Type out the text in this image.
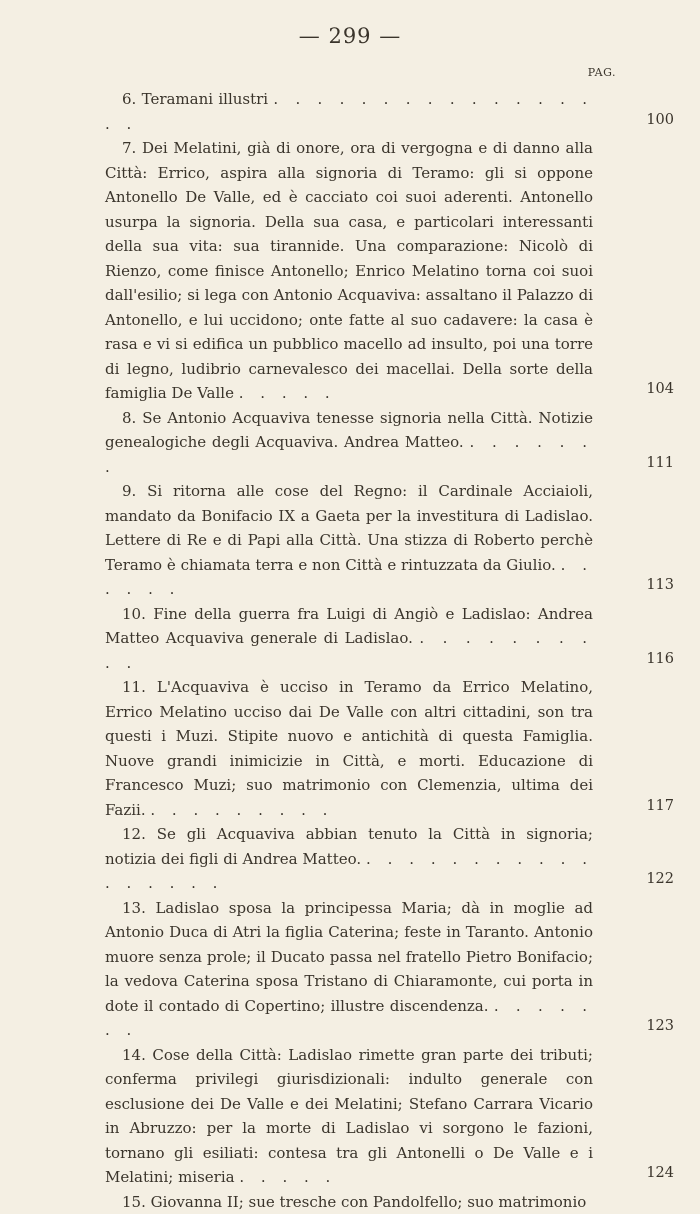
— 299 —
PAG.
6. Teramani illustri . . . . . . . . . . . . . . . . .	100
7. Dei Melatini, già di onore, ora di vergogna e di danno alla Città: Errico, aspira alla signoria di Teramo: gli si oppone Antonello De Valle, ed è cacciato coi suoi aderenti. Antonello usurpa la signoria. Della sua casa, e particolari interessanti della sua vita: sua tirannide. Una comparazione: Nicolò di Rienzo, come finisce Antonello; Enrico Melatino torna coi suoi dall'esilio; si lega con Antonio Acquaviva: assaltano il Palazzo di Antonello, e lui uccidono; onte fatte al suo cadavere: la casa è rasa e vi si edifica un pubblico macello ad insulto, poi una torre di legno, ludibrio carnevalesco dei macellai. Della sorte della famiglia De Valle . . . . .	104
8. Se Antonio Acquaviva tenesse signoria nella Città. Notizie genealogiche degli Acquaviva. Andrea Matteo. . . . . . . .	111
9. Si ritorna alle cose del Regno: il Cardinale Acciaioli, mandato da Bonifacio IX a Gaeta per la investitura di Ladislao. Lettere di Re e di Papi alla Città. Una stizza di Roberto perchè Teramo è chiamata terra e non Città e rintuzzata da Giulio. . . . . . .	113
10. Fine della guerra fra Luigi di Angiò e Ladislao: Andrea Matteo Acquaviva generale di Ladislao. . . . . . . . . . .	116
11. L'Acquaviva è ucciso in Teramo da Errico Melatino, Errico Melatino ucciso dai De Valle con altri cittadini, son tra questi i Muzi. Stipite nuovo e antichità di questa Famiglia. Nuove grandi inimicizie in Città, e morti. Educazione di Francesco Muzi; suo matrimonio con Clemenzia, ultima dei Fazii. . . . . . . . . .	117
12. Se gli Acquaviva abbian tenuto la Città in signoria; notizia dei figli di Andrea Matteo. . . . . . . . . . . . . . . . . .	122
13. Ladislao sposa la principessa Maria; dà in moglie ad Antonio Duca di Atri la figlia Caterina; feste in Taranto. Antonio muore senza prole; il Ducato passa nel fratello Pietro Bonifacio; la vedova Caterina sposa Tristano di Chiaramonte, cui porta in dote il contado di Copertino; illustre discendenza. . . . . . . .	123
14. Cose della Città: Ladislao rimette gran parte dei tributi; conferma privilegi giurisdizionali: indulto generale con esclusione dei De Valle e dei Melatini; Stefano Carrara Vicario in Abruzzo: per la morte di Ladislao vi sorgono le fazioni, tornano gli esiliati: contesa tra gli Antonelli o De Valle e i Melatini; miseria . . . . .	124
15. Giovanna II; sue tresche con Pandolfello; suo matrimonio
